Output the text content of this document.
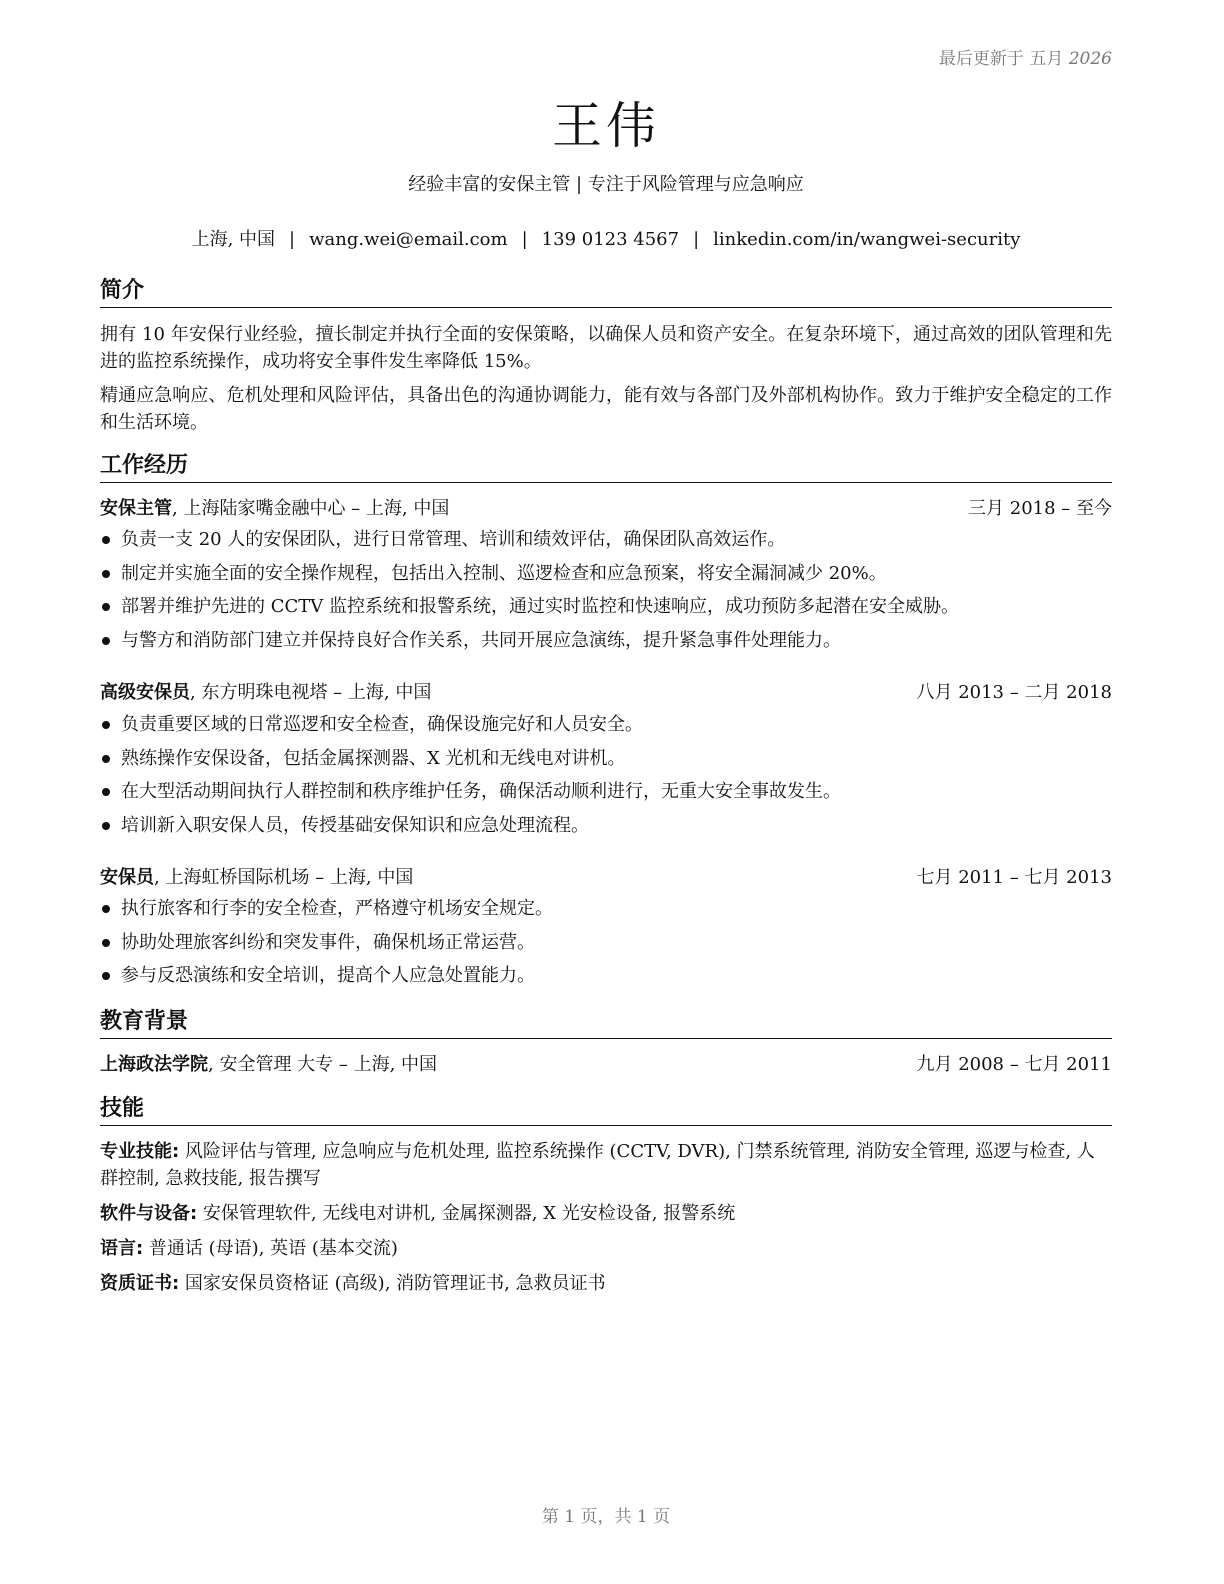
最后更新于 五月 2026
王伟
经验丰富的安保主管 | 专注于风险管理与应急响应
上海, 中国 | wang.wei@email.com | 139 0123 4567 | linkedin.com/in/wangwei-security
简介
拥有 10 年安保行业经验，擅长制定并执行全面的安保策略，以确保人员和资产安全。在复杂环境下，通过高效的团队管理和先进的监控系统操作，成功将安全事件发生率降低 15%。
精通应急响应、危机处理和风险评估，具备出色的沟通协调能力，能有效与各部门及外部机构协作。致力于维护安全稳定的工作和生活环境。
工作经历
安保主管, 上海陆家嘴金融中心 – 上海, 中国	三月 2018 – 至今
负责一支 20 人的安保团队，进行日常管理、培训和绩效评估，确保团队高效运作。
制定并实施全面的安全操作规程，包括出入控制、巡逻检查和应急预案，将安全漏洞减少 20%。
部署并维护先进的 CCTV 监控系统和报警系统，通过实时监控和快速响应，成功预防多起潜在安全威胁。
与警方和消防部门建立并保持良好合作关系，共同开展应急演练，提升紧急事件处理能力。
高级安保员, 东方明珠电视塔 – 上海, 中国	八月 2013 – 二月 2018
负责重要区域的日常巡逻和安全检查，确保设施完好和人员安全。
熟练操作安保设备，包括金属探测器、X 光机和无线电对讲机。
在大型活动期间执行人群控制和秩序维护任务，确保活动顺利进行，无重大安全事故发生。
培训新入职安保人员，传授基础安保知识和应急处理流程。
安保员, 上海虹桥国际机场 – 上海, 中国	七月 2011 – 七月 2013
执行旅客和行李的安全检查，严格遵守机场安全规定。
协助处理旅客纠纷和突发事件，确保机场正常运营。
参与反恐演练和安全培训，提高个人应急处置能力。
教育背景
上海政法学院, 安全管理 大专 – 上海, 中国	九月 2008 – 七月 2011
技能
专业技能: 风险评估与管理, 应急响应与危机处理, 监控系统操作 (CCTV, DVR), 门禁系统管理, 消防安全管理, 巡逻与检查, 人群控制, 急救技能, 报告撰写
软件与设备: 安保管理软件, 无线电对讲机, 金属探测器, X 光安检设备, 报警系统
语言: 普通话 (母语), 英语 (基本交流)
资质证书: 国家安保员资格证 (高级), 消防管理证书, 急救员证书
第 1 页，共 1 页
